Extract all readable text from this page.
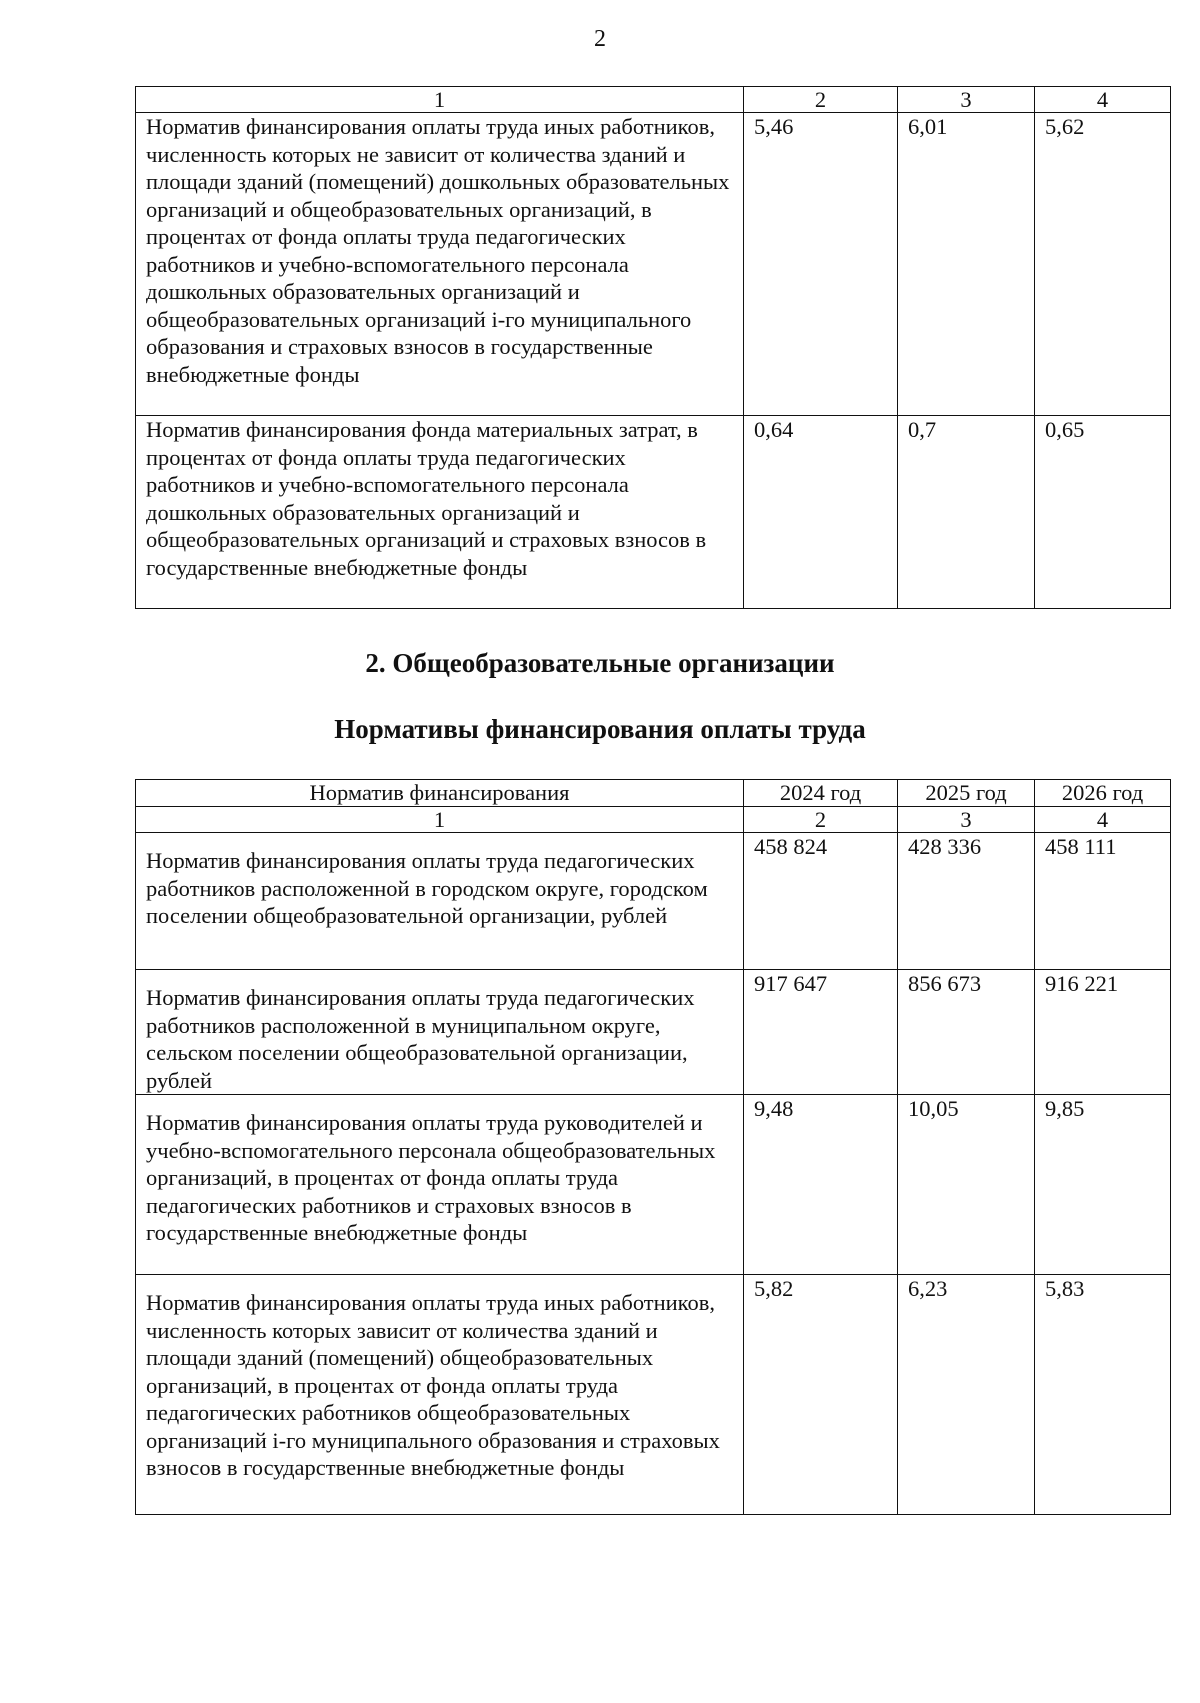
2
1	2	3	4
Норматив финансирования оплаты труда иных работников, численность которых не зависит от количества зданий и площади зданий (помещений) дошкольных образовательных организаций и общеобразовательных организаций, в процентах от фонда оплаты труда педагогических работников и учебно-вспомогательного персонала дошкольных образовательных организаций и общеобразовательных организаций i-го муниципального образования и страховых взносов в государственные внебюджетные фонды	5,46	6,01	5,62
Норматив финансирования фонда материальных затрат, в процентах от фонда оплаты труда педагогических работников и учебно-вспомогательного персонала дошкольных образовательных организаций и общеобразовательных организаций и страховых взносов в государственные внебюджетные фонды	0,64	0,7	0,65
2. Общеобразовательные организации
Нормативы финансирования оплаты труда
Норматив финансирования	2024 год	2025 год	2026 год
1	2	3	4
Норматив финансирования оплаты труда педагогических работников расположенной в городском округе, городском поселении общеобразовательной организации, рублей	458 824	428 336	458 111
Норматив финансирования оплаты труда педагогических работников расположенной в муниципальном округе, сельском поселении общеобразовательной организации, рублей	917 647	856 673	916 221
Норматив финансирования оплаты труда руководителей и учебно-вспомогательного персонала общеобразовательных организаций, в процентах от фонда оплаты труда педагогических работников и страховых взносов в государственные внебюджетные фонды	9,48	10,05	9,85
Норматив финансирования оплаты труда иных работников, численность которых зависит от количества зданий и площади зданий (помещений) общеобразовательных организаций, в процентах от фонда оплаты труда педагогических работников общеобразовательных организаций i-го муниципального образования и страховых взносов в государственные внебюджетные фонды	5,82	6,23	5,83
